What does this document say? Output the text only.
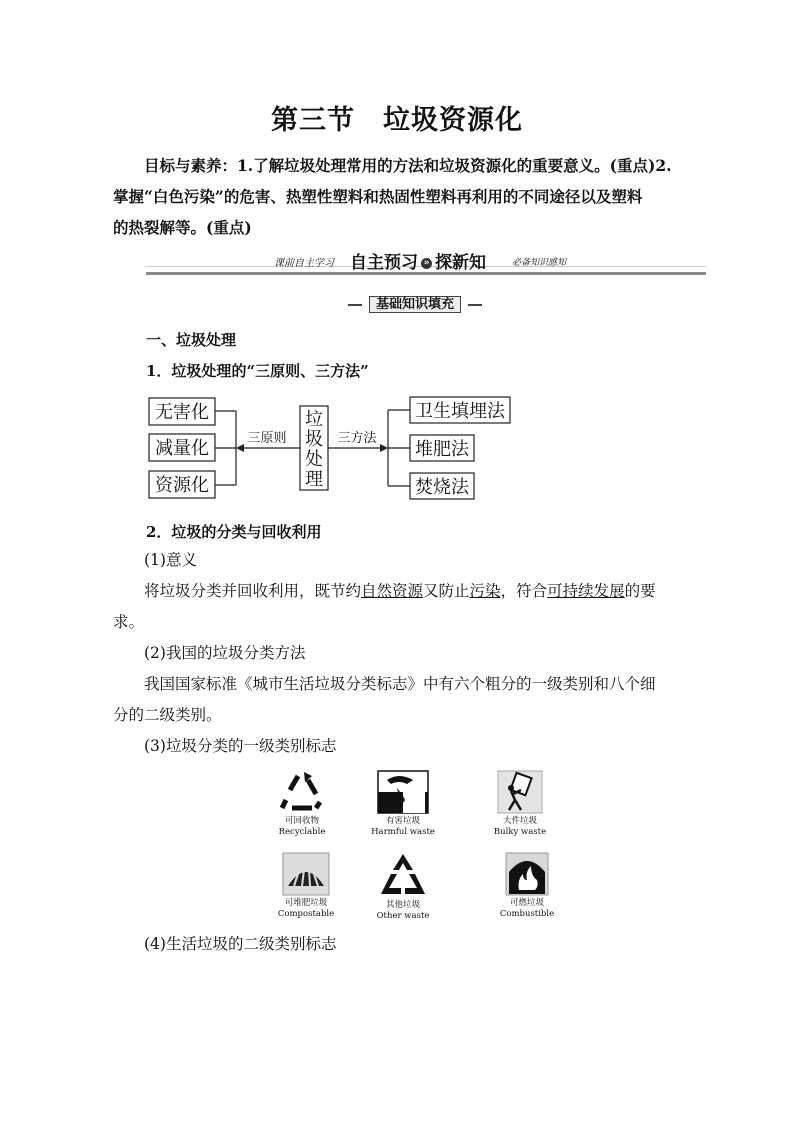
第三节　垃圾资源化
目标与素养：1.了解垃圾处理常用的方法和垃圾资源化的重要意义。(重点)2.
掌握“白色污染”的危害、热塑性塑料和热固性塑料再利用的不同途径以及塑料
的热裂解等。(重点)
课前自主学习 自主预习 » 探新知	必备知识感知
基础知识填充
一、垃圾处理
1．垃圾处理的“三原则、三方法”
无害化
减量化
资源化
三原则
垃
圾
处
理
三方法
卫生填埋法
堆肥法
焚烧法
2．垃圾的分类与回收利用
(1)意义
将垃圾分类并回收利用，既节约自然资源又防止污染，符合可持续发展的要
求。
(2)我国的垃圾分类方法
我国国家标准《城市生活垃圾分类标志》中有六个粗分的一级类别和八个细
分的二级类别。
(3)垃圾分类的一级类别标志
可回收物
Recyclable
有害垃圾
Harmful waste
大件垃圾
Bulky waste
可堆肥垃圾
Compostable
其他垃圾
Other waste
可燃垃圾
Combustible
(4)生活垃圾的二级类别标志
